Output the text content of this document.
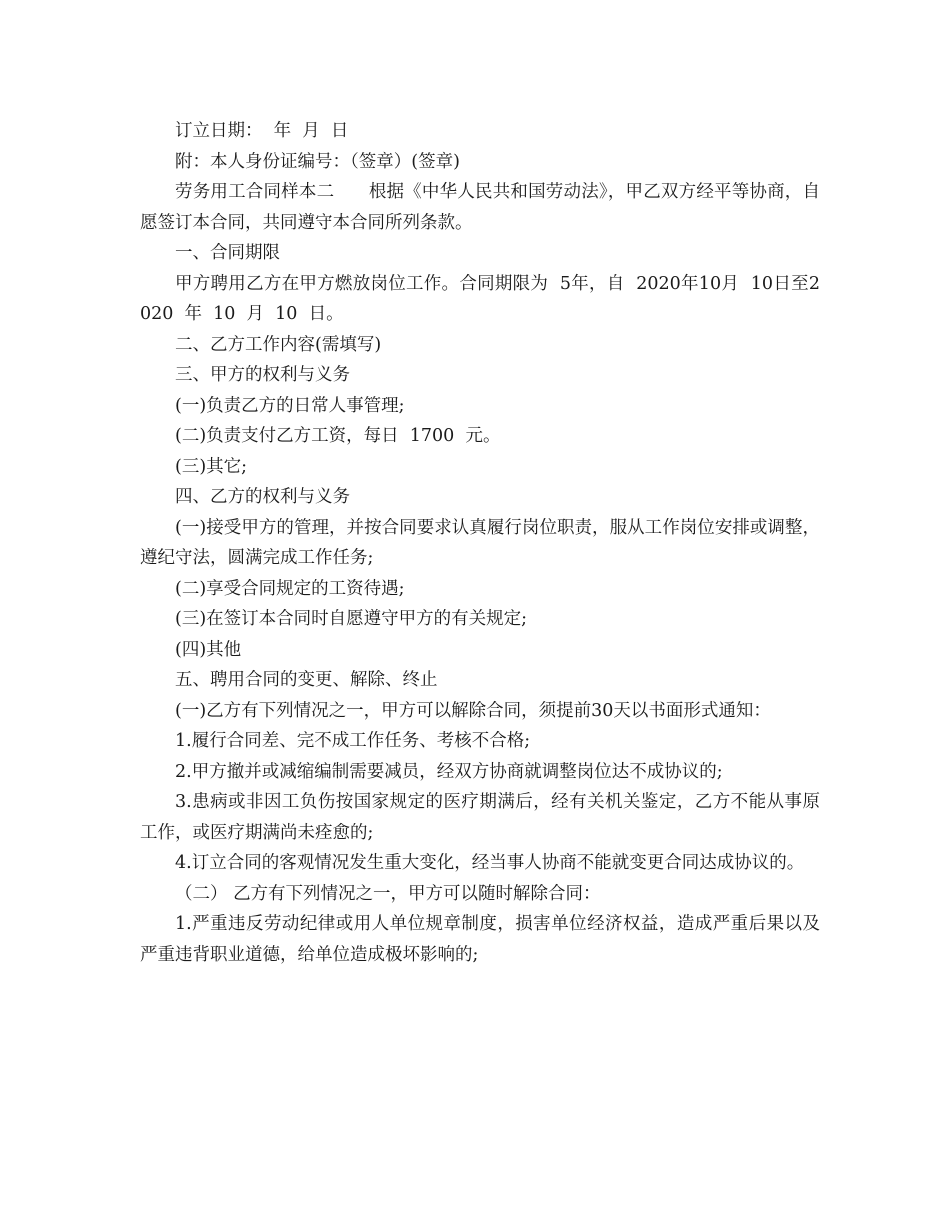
订立日期：  年  月  日

附：本人身份证编号：（签章）(签章)

劳务用工合同样本二      根据《中华人民共和国劳动法》，甲乙双方经平等协商，自愿签订本合同，共同遵守本合同所列条款。

一、合同期限

甲方聘用乙方在甲方燃放岗位工作。合同期限为  5年，自  2020年10月  10日至2020  年  10  月  10  日。

二、乙方工作内容(需填写)

三、甲方的权利与义务

(一)负责乙方的日常人事管理;

(二)负责支付乙方工资，每日  1700  元。

(三)其它;

四、乙方的权利与义务

(一)接受甲方的管理，并按合同要求认真履行岗位职责，服从工作岗位安排或调整，遵纪守法，圆满完成工作任务;

(二)享受合同规定的工资待遇;

(三)在签订本合同时自愿遵守甲方的有关规定;

(四)其他

五、聘用合同的变更、解除、终止

(一)乙方有下列情况之一，甲方可以解除合同，须提前30天以书面形式通知：

1.履行合同差、完不成工作任务、考核不合格;

2.甲方撤并或减缩编制需要减员，经双方协商就调整岗位达不成协议的;

3.患病或非因工负伤按国家规定的医疗期满后，经有关机关鉴定，乙方不能从事原工作，或医疗期满尚未痊愈的;

4.订立合同的客观情况发生重大变化，经当事人协商不能就变更合同达成协议的。

（二） 乙方有下列情况之一，甲方可以随时解除合同：

1.严重违反劳动纪律或用人单位规章制度，损害单位经济权益，造成严重后果以及严重违背职业道德，给单位造成极坏影响的;
